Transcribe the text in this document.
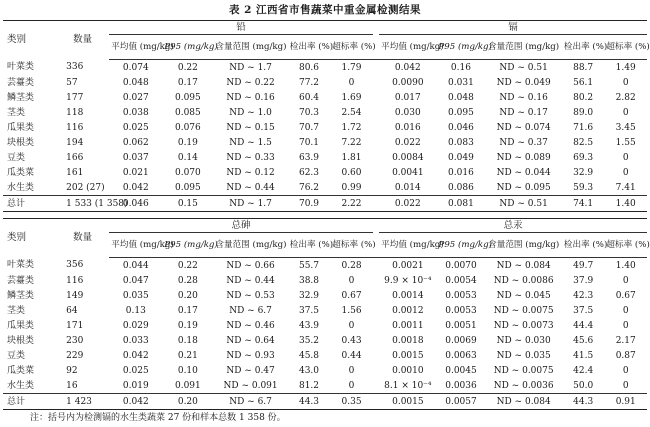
表 2 江西省市售蔬菜中重金属检测结果
类别	数量	铅						镉				
		平均值 (mg/kg)	P95 (mg/kg)	含量范围 (mg/kg)	检出率 (%)	超标率 (%)		平均值 (mg/kg)	P95 (mg/kg)	含量范围 (mg/kg)	检出率 (%)	超标率 (%)
叶菜类	336	0.074	0.22	ND ~ 1.7	80.6	1.79		0.042	0.16	ND ~ 0.51	88.7	1.49
芸薹类	57	0.048	0.17	ND ~ 0.22	77.2	0		0.0090	0.031	ND ~ 0.049	56.1	0
鳞茎类	177	0.027	0.095	ND ~ 0.16	60.4	1.69		0.017	0.048	ND ~ 0.16	80.2	2.82
茎类	118	0.038	0.085	ND ~ 1.0	70.3	2.54		0.030	0.095	ND ~ 0.17	89.0	0
瓜果类	116	0.025	0.076	ND ~ 0.15	70.7	1.72		0.016	0.046	ND ~ 0.074	71.6	3.45
块根类	194	0.062	0.19	ND ~ 1.5	70.1	7.22		0.022	0.083	ND ~ 0.37	82.5	1.55
豆类	166	0.037	0.14	ND ~ 0.33	63.9	1.81		0.0084	0.049	ND ~ 0.089	69.3	0
瓜类菜	161	0.021	0.070	ND ~ 0.12	62.3	0.60		0.0041	0.016	ND ~ 0.044	32.9	0
水生类	202 (27)	0.042	0.095	ND ~ 0.44	76.2	0.99		0.014	0.086	ND ~ 0.095	59.3	7.41
总计	1 533 (1 358)	0.046	0.15	ND ~ 1.7	70.9	2.22		0.022	0.081	ND ~ 0.51	74.1	1.40
类别	数量	总砷						总汞				
		平均值 (mg/kg)	P95 (mg/kg)	含量范围 (mg/kg)	检出率 (%)	超标率 (%)		平均值 (mg/kg)	P95 (mg/kg)	含量范围 (mg/kg)	检出率 (%)	超标率 (%)
叶菜类	356	0.044	0.22	ND ~ 0.66	55.7	0.28		0.0021	0.0070	ND ~ 0.084	49.7	1.40
芸薹类	116	0.047	0.28	ND ~ 0.44	38.8	0		9.9 × 10⁻⁴	0.0054	ND ~ 0.0086	37.9	0
鳞茎类	149	0.035	0.20	ND ~ 0.53	32.9	0.67		0.0014	0.0053	ND ~ 0.045	42.3	0.67
茎类	64	0.13	0.17	ND ~ 6.7	37.5	1.56		0.0012	0.0053	ND ~ 0.0075	37.5	0
瓜果类	171	0.029	0.19	ND ~ 0.46	43.9	0		0.0011	0.0051	ND ~ 0.0073	44.4	0
块根类	230	0.033	0.18	ND ~ 0.64	35.2	0.43		0.0018	0.0069	ND ~ 0.030	45.6	2.17
豆类	229	0.042	0.21	ND ~ 0.93	45.8	0.44		0.0015	0.0063	ND ~ 0.035	41.5	0.87
瓜类菜	92	0.025	0.10	ND ~ 0.47	43.0	0		0.0010	0.0045	ND ~ 0.0075	42.4	0
水生类	16	0.019	0.091	ND ~ 0.091	81.2	0		8.1 × 10⁻⁴	0.0036	ND ~ 0.0036	50.0	0
总计	1 423	0.042	0.20	ND ~ 6.7	44.3	0.35		0.0015	0.0057	ND ~ 0.084	44.3	0.91
注：括号内为检测镉的水生类蔬菜 27 份和样本总数 1 358 份。
